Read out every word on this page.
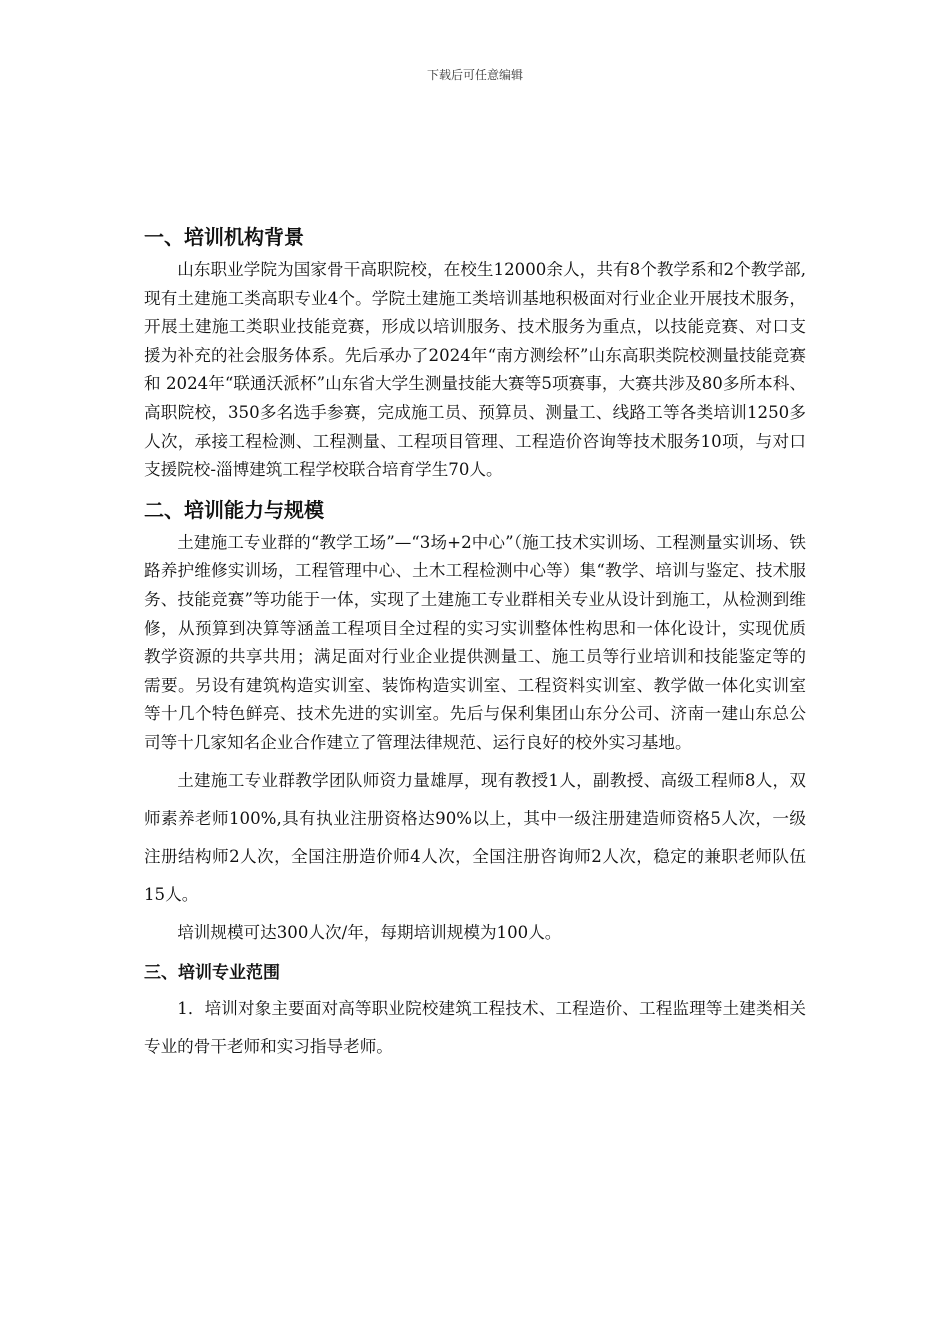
下载后可任意编辑
一、培训机构背景

山东职业学院为国家骨干高职院校，在校生12000余人，共有8个教学系和2个教学部,现有土建施工类高职专业4个。学院土建施工类培训基地积极面对行业企业开展技术服务，开展土建施工类职业技能竞赛，形成以培训服务、技术服务为重点，以技能竞赛、对口支援为补充的社会服务体系。先后承办了2024年“南方测绘杯”山东高职类院校测量技能竞赛和 2024年“联通沃派杯”山东省大学生测量技能大赛等5项赛事，大赛共涉及80多所本科、高职院校，350多名选手参赛，完成施工员、预算员、测量工、线路工等各类培训1250多人次，承接工程检测、工程测量、工程项目管理、工程造价咨询等技术服务10项，与对口支援院校-淄博建筑工程学校联合培育学生70人。

二、培训能力与规模

土建施工专业群的“教学工场”—“3场+2中心”（施工技术实训场、工程测量实训场、铁路养护维修实训场，工程管理中心、土木工程检测中心等）集“教学、培训与鉴定、技术服务、技能竞赛”等功能于一体，实现了土建施工专业群相关专业从设计到施工，从检测到维修，从预算到决算等涵盖工程项目全过程的实习实训整体性构思和一体化设计，实现优质教学资源的共享共用；满足面对行业企业提供测量工、施工员等行业培训和技能鉴定等的需要。另设有建筑构造实训室、装饰构造实训室、工程资料实训室、教学做一体化实训室等十几个特色鲜亮、技术先进的实训室。先后与保利集团山东分公司、济南一建山东总公司等十几家知名企业合作建立了管理法律规范、运行良好的校外实习基地。

土建施工专业群教学团队师资力量雄厚，现有教授1人，副教授、高级工程师8人，双师素养老师100%,具有执业注册资格达90%以上，其中一级注册建造师资格5人次，一级注册结构师2人次，全国注册造价师4人次，全国注册咨询师2人次，稳定的兼职老师队伍15人。

培训规模可达300人次/年，每期培训规模为100人。

三、培训专业范围

1．培训对象主要面对高等职业院校建筑工程技术、工程造价、工程监理等土建类相关专业的骨干老师和实习指导老师。
